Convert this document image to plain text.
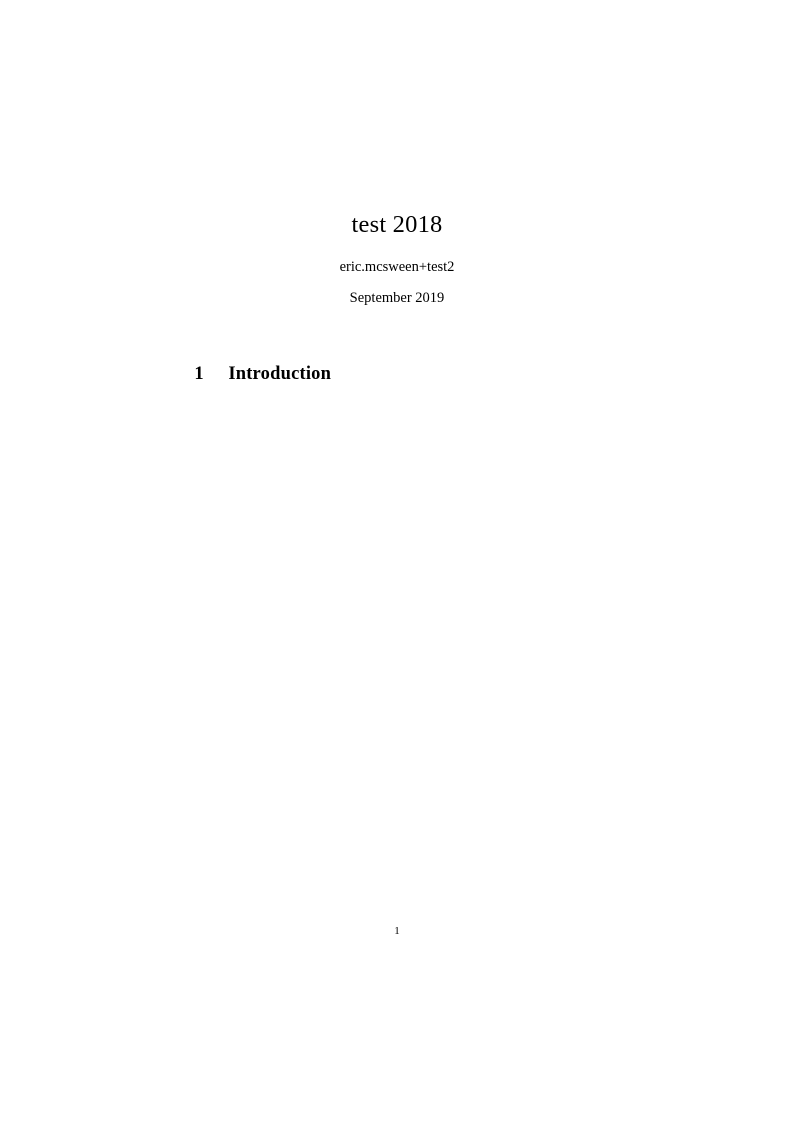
test 2018
eric.mcsween+test2
September 2019

1 Introduction

1
